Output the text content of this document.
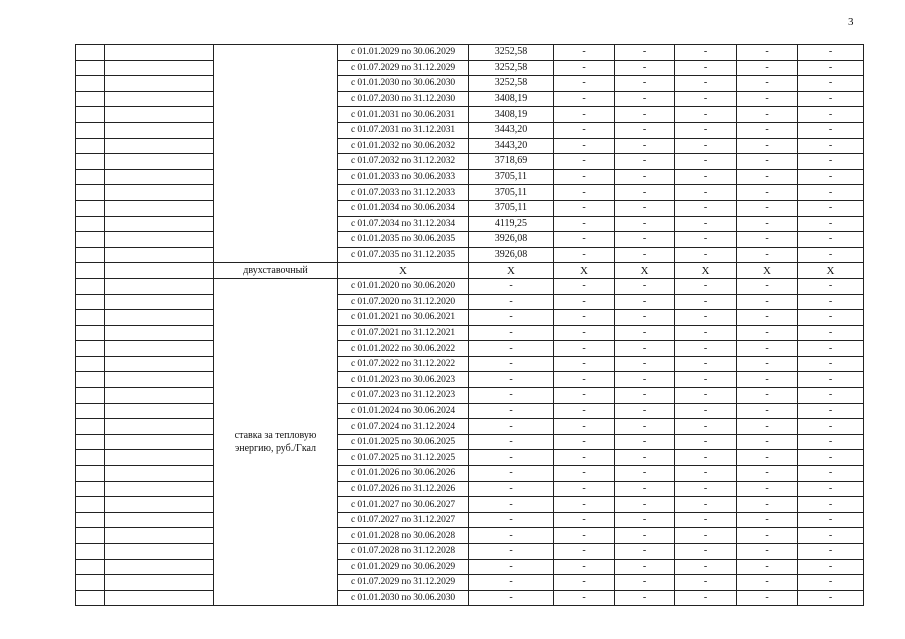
3
			с 01.01.2029 по 30.06.2029	3252,58	-	-	-	-	-
			с 01.07.2029 по 31.12.2029	3252,58	-	-	-	-	-
			с 01.01.2030 по 30.06.2030	3252,58	-	-	-	-	-
			с 01.07.2030 по 31.12.2030	3408,19	-	-	-	-	-
			с 01.01.2031 по 30.06.2031	3408,19	-	-	-	-	-
			с 01.07.2031 по 31.12.2031	3443,20	-	-	-	-	-
			с 01.01.2032 по 30.06.2032	3443,20	-	-	-	-	-
			с 01.07.2032 по 31.12.2032	3718,69	-	-	-	-	-
			с 01.01.2033 по 30.06.2033	3705,11	-	-	-	-	-
			с 01.07.2033 по 31.12.2033	3705,11	-	-	-	-	-
			с 01.01.2034 по 30.06.2034	3705,11	-	-	-	-	-
			с 01.07.2034 по 31.12.2034	4119,25	-	-	-	-	-
			с 01.01.2035 по 30.06.2035	3926,08	-	-	-	-	-
			с 01.07.2035 по 31.12.2035	3926,08	-	-	-	-	-
		двухставочный	Х	Х	Х	Х	Х	Х	Х
		ставка за тепловую энергию, руб./Гкал	с 01.01.2020 по 30.06.2020	-	-	-	-	-	-
			с 01.07.2020 по 31.12.2020	-	-	-	-	-	-
			с 01.01.2021 по 30.06.2021	-	-	-	-	-	-
			с 01.07.2021 по 31.12.2021	-	-	-	-	-	-
			с 01.01.2022 по 30.06.2022	-	-	-	-	-	-
			с 01.07.2022 по 31.12.2022	-	-	-	-	-	-
			с 01.01.2023 по 30.06.2023	-	-	-	-	-	-
			с 01.07.2023 по 31.12.2023	-	-	-	-	-	-
			с 01.01.2024 по 30.06.2024	-	-	-	-	-	-
			с 01.07.2024 по 31.12.2024	-	-	-	-	-	-
			с 01.01.2025 по 30.06.2025	-	-	-	-	-	-
			с 01.07.2025 по 31.12.2025	-	-	-	-	-	-
			с 01.01.2026 по 30.06.2026	-	-	-	-	-	-
			с 01.07.2026 по 31.12.2026	-	-	-	-	-	-
			с 01.01.2027 по 30.06.2027	-	-	-	-	-	-
			с 01.07.2027 по 31.12.2027	-	-	-	-	-	-
			с 01.01.2028 по 30.06.2028	-	-	-	-	-	-
			с 01.07.2028 по 31.12.2028	-	-	-	-	-	-
			с 01.01.2029 по 30.06.2029	-	-	-	-	-	-
			с 01.07.2029 по 31.12.2029	-	-	-	-	-	-
			с 01.01.2030 по 30.06.2030	-	-	-	-	-	-
